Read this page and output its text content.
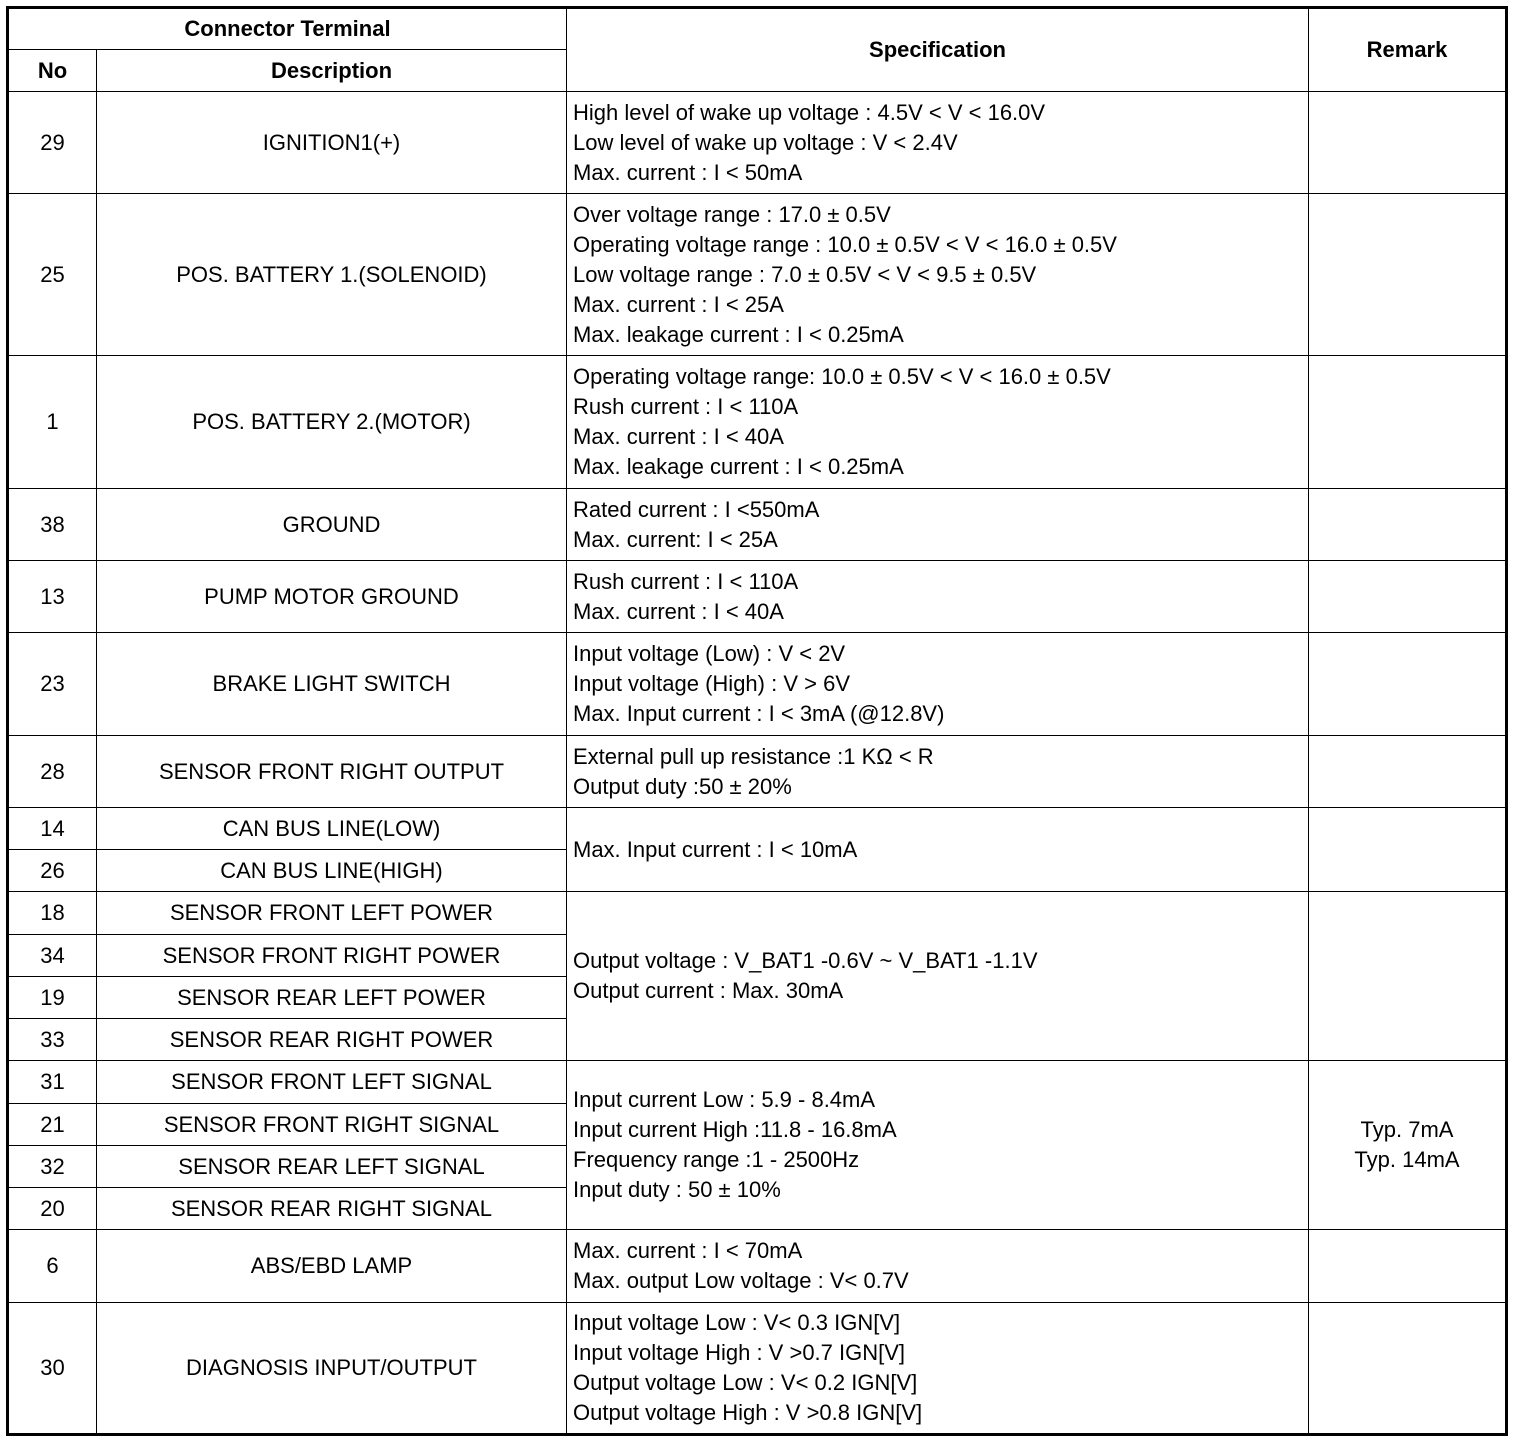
Connector Terminal		Specification	Remark
No	Description		
29	IGNITION1(+)	High level of wake up voltage : 4.5V < V < 16.0V
Low level of wake up voltage : V < 2.4V
Max. current : I < 50mA	

25	POS. BATTERY 1.(SOLENOID)	Over voltage range : 17.0 ± 0.5V
Operating voltage range : 10.0 ± 0.5V < V < 16.0 ± 0.5V
Low voltage range : 7.0 ± 0.5V < V < 9.5 ± 0.5V
Max. current : I < 25A
Max. leakage current : I < 0.25mA	

1	POS. BATTERY 2.(MOTOR)	Operating voltage range: 10.0 ± 0.5V < V < 16.0 ± 0.5V
Rush current : I < 110A
Max. current : I < 40A
Max. leakage current : I < 0.25mA	

38	GROUND	Rated current : I <550mA
Max. current: I < 25A	

13	PUMP MOTOR GROUND	Rush current : I < 110A
Max. current : I < 40A	

23	BRAKE LIGHT SWITCH	Input voltage (Low) : V < 2V
Input voltage (High) : V > 6V
Max. Input current : I < 3mA (@12.8V)	

28	SENSOR FRONT RIGHT OUTPUT	External pull up resistance :1 KΩ < R
Output duty :50 ± 20%	

14	CAN BUS LINE(LOW)	Max. Input current : I < 10mA	

26	CAN BUS LINE(HIGH)		
18	SENSOR FRONT LEFT POWER	Output voltage : V_BAT1 -0.6V ~ V_BAT1 -1.1V
Output current : Max. 30mA	

34	SENSOR FRONT RIGHT POWER		
19	SENSOR REAR LEFT POWER		
33	SENSOR REAR RIGHT POWER		
31	SENSOR FRONT LEFT SIGNAL	Input current Low : 5.9 - 8.4mA
Input current High :11.8 - 16.8mA
Frequency range :1 - 2500Hz
Input duty : 50 ± 10%	Typ. 7mA
Typ. 14mA

21	SENSOR FRONT RIGHT SIGNAL		
32	SENSOR REAR LEFT SIGNAL		
20	SENSOR REAR RIGHT SIGNAL		
6	ABS/EBD LAMP	Max. current : I < 70mA
Max. output Low voltage : V< 0.7V	

30	DIAGNOSIS INPUT/OUTPUT	Input voltage Low : V< 0.3 IGN[V]
Input voltage High : V >0.7 IGN[V]
Output voltage Low : V< 0.2 IGN[V]
Output voltage High : V >0.8 IGN[V]	
